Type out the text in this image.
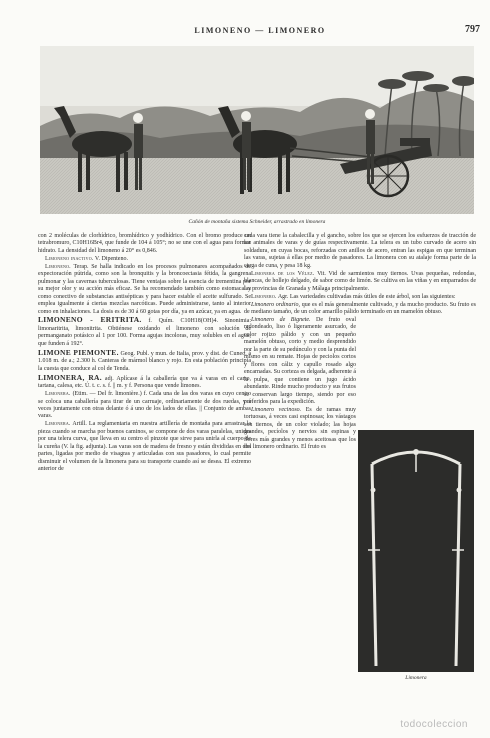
LIMONENO — LIMONERO	797
Cañón de montaña sistema Schneider, arrastrado en limonera

con 2 moléculas de clorhídrico, bromhídrico y yodhídrico. Con el bromo produce un tetrabromuro, C10H16Br4, que funde de 104 á 105°; no se une con el agua para formar hidrato. La densidad del limoneno á 20° es 0,846.

Limoneno inactivo. V. Dipenteno.

Limoneno. Terap. Se halla indicado en los procesos pulmonares acompañados de expectoración pútrida, como son la bronquitis y la broncoectasia fétida, la gangrena pulmonar y las cavernas tuberculosas. Tiene ventajas sobre la esencia de trementina por su mejor olor y su acción más eficaz. Se ha recomendado también como estomacal y como conectivo de substancias antisépticas y para hacer estable el aceite sulfurado. Se emplea igualmente á ciertas mezclas narcóticas. Puede administrarse, tanto al interior como en inhalaciones. La dosis es de 30 á 60 gotas por día, ya en azúcar, ya en agua.

LIMONENO - ERITRITA. f. Quím. C10H18(OH)4. Sinonimia: limonaritrita, limonitrita. Obtiénese oxidando el limoneno con solución de permanganato potásico al 1 por 100. Forma agujas incoloras, muy solubles en el agua, que funden á 192°.

LIMONE PIEMONTE. Geog. Publ. y mun. de Italia, prov. y dist. de Cuneo, á 1.018 m. de a.; 2.300 h. Canteras de mármol blanco y rojo. En esta población principia la cuesta que conduce al col de Tenda.

LIMONERA, RA. adj. Aplícase á la caballería que va á varas en el carro, tartana, calesa, etc. Ú. t. c. s. f. || m. y f. Persona que vende limones.

Limonera. (Etim. — Del fr. limonière.) f. Cada una de las dos varas en cuyo centro se coloca una caballería para tirar de un carruaje, ordinariamente de dos ruedas, y á veces juntamente con otras delante ó á uno de los lados de ellas. || Conjunto de ambas varas.

Limonera. Artill. La reglamentaria en nuestra artillería de montaña para arrastrar la pieza cuando se marcha por buenos caminos, se compone de dos varas paralelas, unidas por una telera curva, que lleva en su centro el pinzote que sirve para unirla al cuerpo de la cureña (V. la fig. adjunta). Las varas son de madera de fresno y están divididas en dos partes, ligadas por medio de visagras y articuladas con sus pasadores, lo cual permite disminuir el volumen de la limonera para su transporte cuando así se desea. El extremo anterior de

cada vara tiene la cabalecilla y el gancho, sobre los que se ejercen los esfuerzos de tracción de los animales de varas y de guías respectivamente. La telera es un tubo curvado de acero sin soldadura, en cuyas bocas, reforzadas con anillos de acero, entran las espigas en que terminan las varas, sujetas á ellas por medio de pasadores. La limonera con su atalaje forma parte de la carga de cuna, y pesa 18 kg.

Limonera de los Vélez. Vit. Vid de sarmientos muy tiernos. Uvas pequeñas, redondas, blancas, de hollejo delgado, de sabor como de limón. Se cultiva en las viñas y en emparrados de las provincias de Granada y Málaga principalmente.

Limonero. Agr. Las variedades cultivadas más útiles de este árbol, son las siguientes:

Limonero ordinario, que es el más generalmente cultivado, y da mucho producto. Su fruto es de mediano tamaño, de un color amarillo pálido terminado en un mamelón obtuso.

Limonero de Bignete. De fruto oval redondeado, liso ó ligeramente asurcado, de color rojizo pálido y con un pequeño mamelón obtuso, corto y medio desprendido por la parte de su pedúnculo y con la punta del mismo en su remate. Hojas de peciolos cortos y flores con cáliz y capullo rosado algo encarnadas. Su corteza es delgada, adherente á la pulpa, que contiene un jugo ácido abundante. Rinde mucho producto y sus frutos se conservan largo tiempo, siendo por eso preferidos para la expedición.

Limonero vecinoso. Es de ramas muy tortuosas, á veces casi espinosas; los vástagos son tiernos, de un color violado; las hojas grandes, pecíolos y nervios sin espinas y flores más grandes y menos aceitosas que los del limonero ordinario. El fruto es

Limonera
todocoleccion
